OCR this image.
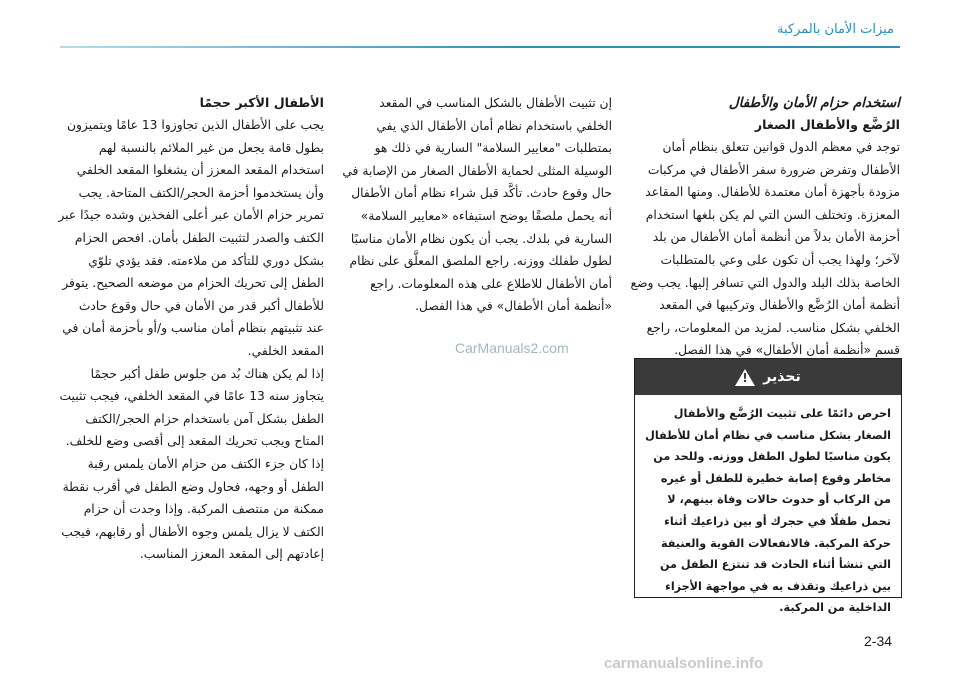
ميزات الأمان بالمركبة

استخدام حزام الأمان والأطفال

الرُضَّع والأطفال الصغار

توجد في معظم الدول قوانين تتعلق بنظام أمان الأطفال وتفرض ضرورة سفر الأطفال في مركبات مزودة بأجهزة أمان معتمدة للأطفال. ومنها المقاعد المعززة. وتختلف السن التي لم يكن بلغها استخدام أحزمة الأمان بدلاً من أنظمة أمان الأطفال من بلد لآخر؛ ولهذا يجب أن تكون على وعي بالمتطلبات الخاصة بذلك البلد والدول التي تسافر إليها. يجب وضع أنظمة أمان الرُضَّع والأطفال وتركيبها في المقعد الخلفي بشكل مناسب. لمزيد من المعلومات، راجع قسم «أنظمة أمان الأطفال» في هذا الفصل.

إن تثبيت الأطفال بالشكل المناسب في المقعد الخلفي باستخدام نظام أمان الأطفال الذي يفي بمتطلبات "معايير السلامة" السارية في ذلك هو الوسيلة المثلى لحماية الأطفال الصغار من الإصابة في حال وقوع حادث. تأكَّد قبل شراء نظام أمان الأطفال أنه يحمل ملصقًا يوضح استيفاءه «معايير السلامة» السارية في بلدك. يجب أن يكون نظام الأمان مناسبًا لطول طفلك ووزنه. راجع الملصق المعلَّق على نظام أمان الأطفال للاطلاع على هذه المعلومات. راجع «أنظمة أمان الأطفال» في هذا الفصل.

الأطفال الأكبر حجمًا

يجب على الأطفال الذين تجاوزوا 13 عامًا ويتميزون بطول قامة يجعل من غير الملائم بالنسبة لهم استخدام المقعد المعزز أن يشغلوا المقعد الخلفي وأن يستخدموا أحزمة الحجر/الكتف المتاحة. يجب تمرير حزام الأمان عبر أعلى الفخذين وشده جيدًا عبر الكتف والصدر لتثبيت الطفل بأمان. افحص الحزام بشكل دوري للتأكد من ملاءمته. فقد يؤدي تلوّي الطفل إلى تحريك الحزام من موضعه الصحيح. يتوفر للأطفال أكبر قدر من الأمان في حال وقوع حادث عند تثبيتهم بنظام أمان مناسب و/أو بأحزمة أمان في المقعد الخلفي.

إذا لم يكن هناك بُد من جلوس طفل أكبر حجمًا يتجاوز سنه 13 عامًا في المقعد الخلفي، فيجب تثبيت الطفل بشكل آمن باستخدام حزام الحجر/الكتف المتاح ويجب تحريك المقعد إلى أقصى وضع للخلف.

إذا كان جزء الكتف من حزام الأمان يلمس رقبة الطفل أو وجهه، فحاول وضع الطفل في أقرب نقطة ممكنة من منتصف المركبة. وإذا وجدت أن حزام الكتف لا يزال يلمس وجوه الأطفال أو رقابهم، فيجب إعادتهم إلى المقعد المعزز المناسب.

CarManuals2.com
تحذير
!
احرص دائمًا على تثبيت الرُضَّع والأطفال الصغار بشكل مناسب في نظام أمان للأطفال يكون مناسبًا لطول الطفل ووزنه. وللحد من مخاطر وقوع إصابة خطيرة للطفل أو غيره من الركاب أو حدوث حالات وفاة بينهم، لا تحمل طفلًا في حجرك أو بين ذراعيك أثناء حركة المركبة. فالانفعالات القوية والعنيفة التي تنشأ أثناء الحادث قد تنتزع الطفل من بين ذراعيك وتقذف به في مواجهة الأجزاء الداخلية من المركبة.
2-34
carmanualsonline.info
